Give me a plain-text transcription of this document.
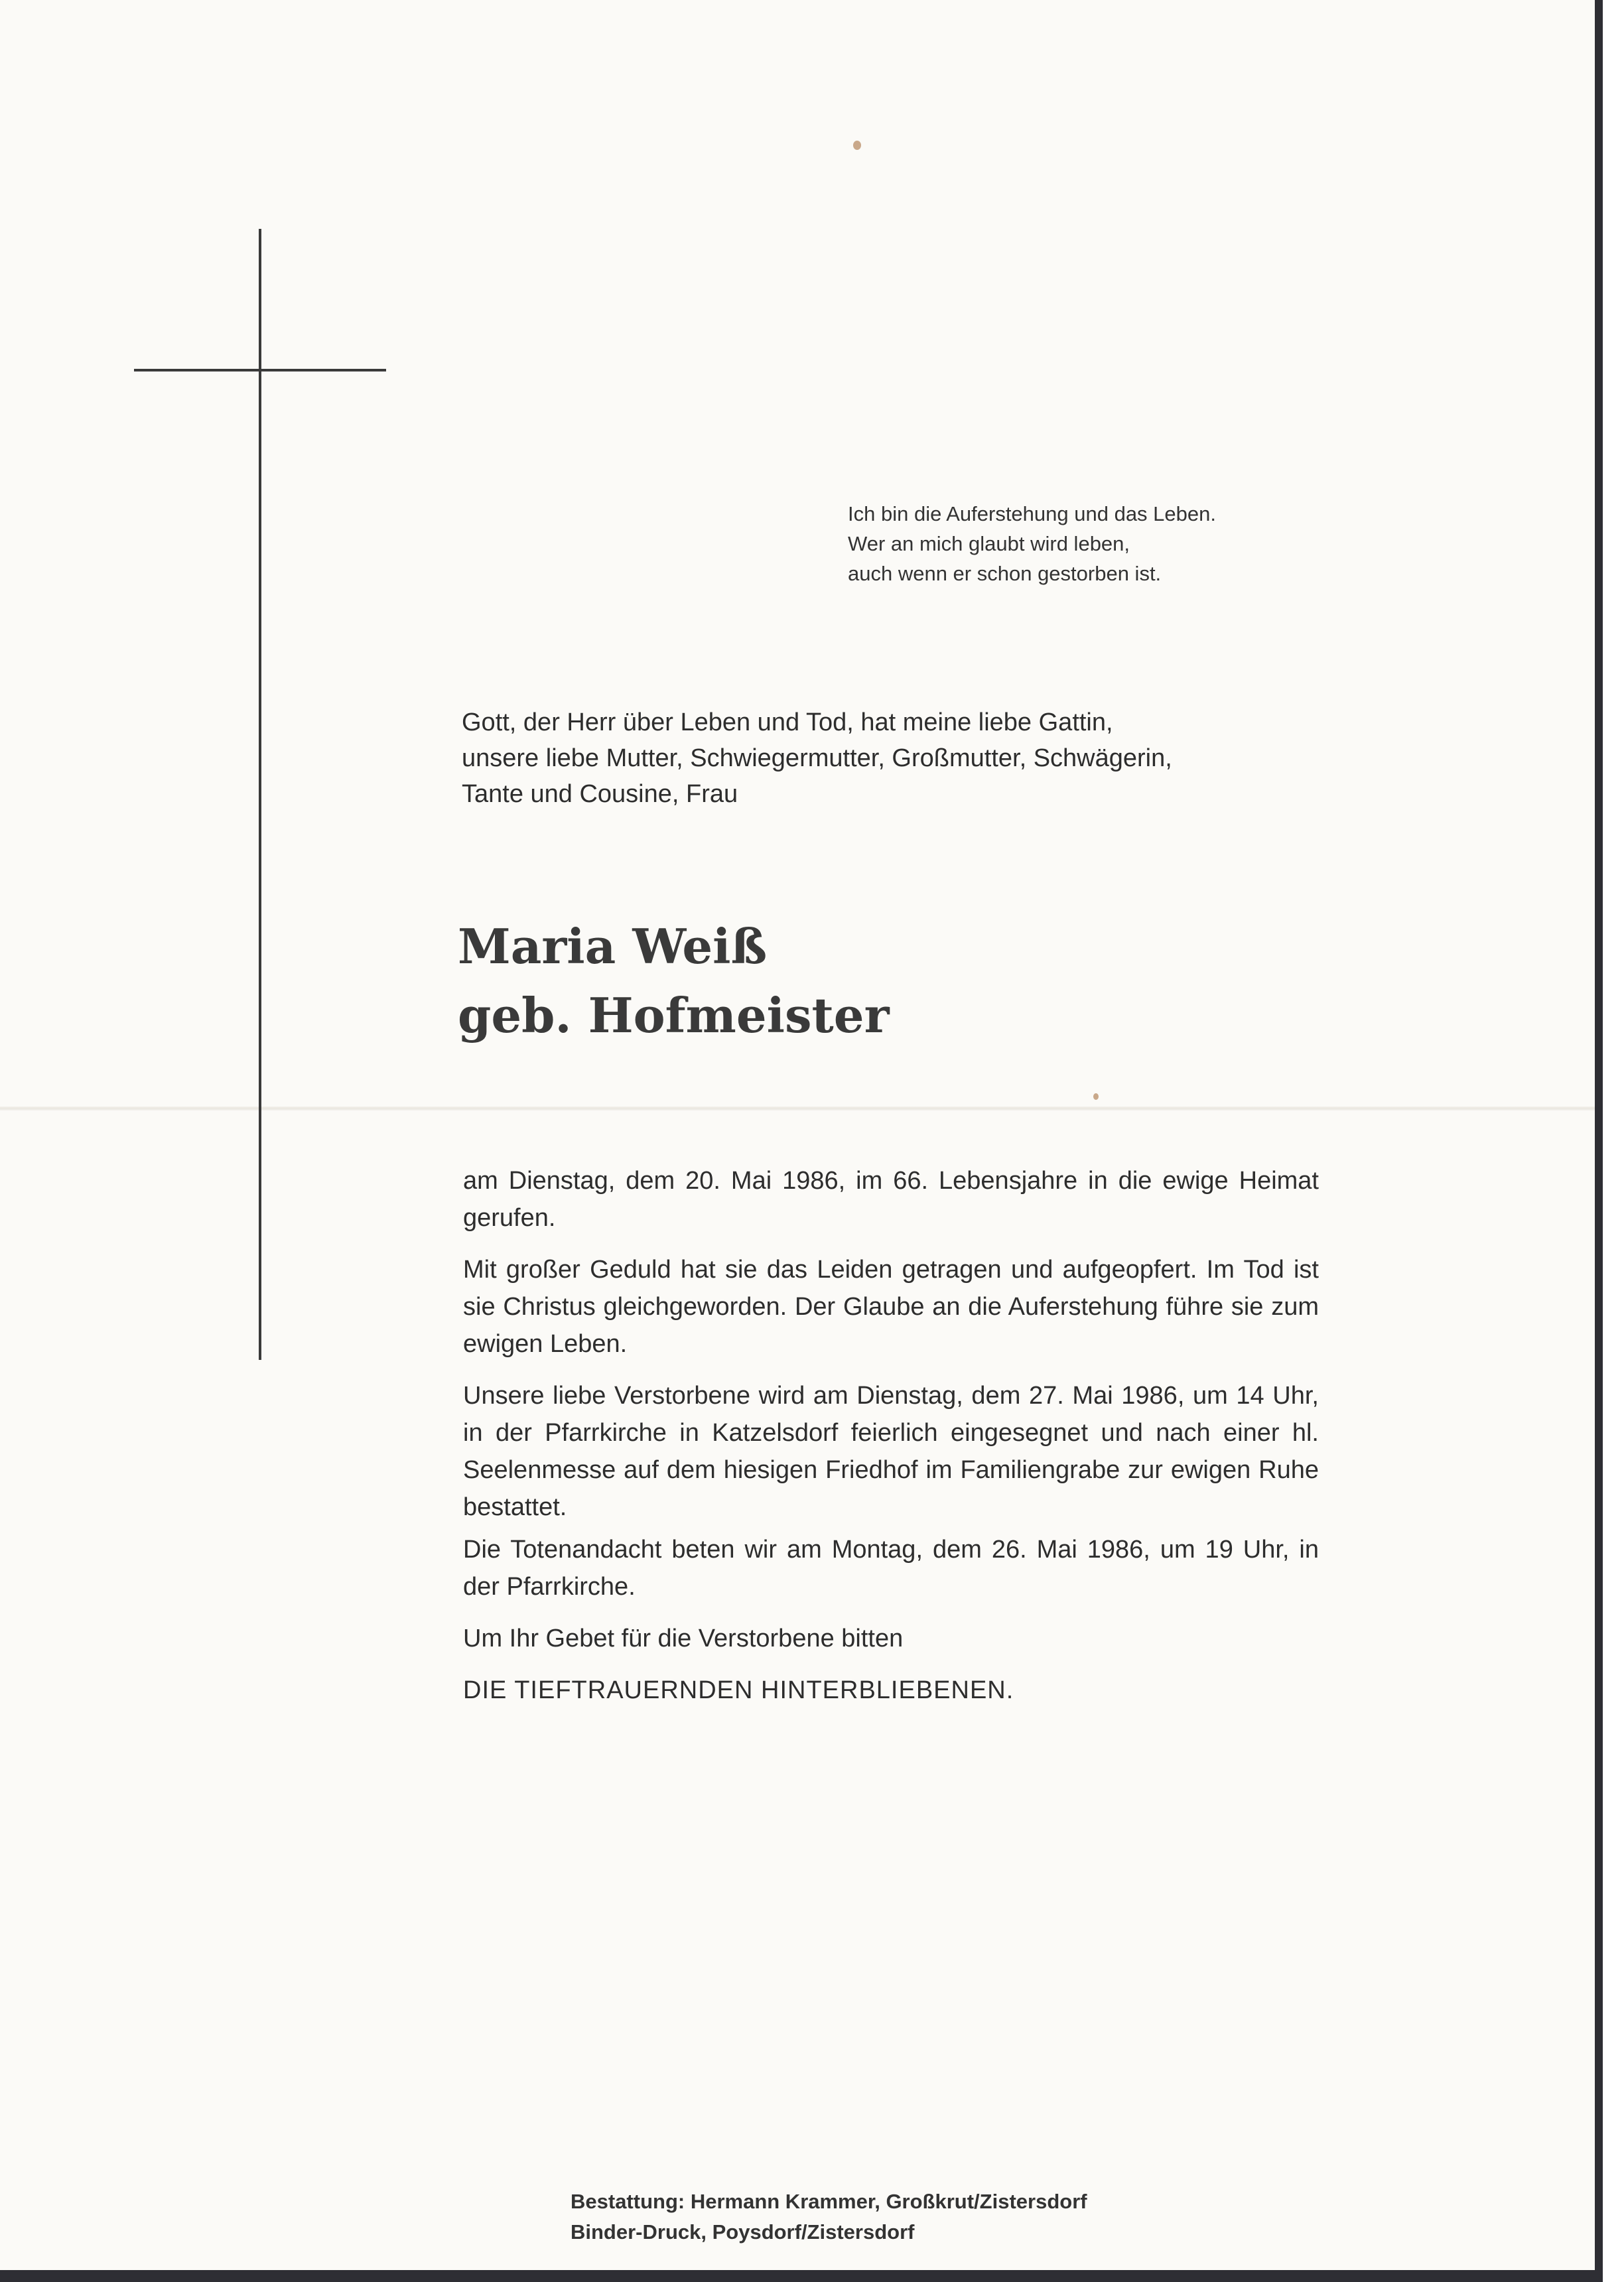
Ich bin die Auferstehung und das Leben.
Wer an mich glaubt wird leben,
auch wenn er schon gestorben ist.
Gott, der Herr über Leben und Tod, hat meine liebe Gattin,
unsere liebe Mutter, Schwiegermutter, Großmutter, Schwägerin,
Tante und Cousine, Frau
Maria Weiß
geb. Hofmeister
am Dienstag, dem 20. Mai 1986, im 66. Lebensjahre in die ewige Heimat gerufen.
Mit großer Geduld hat sie das Leiden getragen und aufgeopfert. Im Tod ist sie Christus gleichgeworden. Der Glaube an die Auferstehung führe sie zum ewigen Leben.
Unsere liebe Verstorbene wird am Dienstag, dem 27. Mai 1986, um 14 Uhr, in der Pfarrkirche in Katzelsdorf feierlich eingesegnet und nach einer hl. Seelenmesse auf dem hiesigen Friedhof im Familiengrabe zur ewigen Ruhe bestattet.
Die Totenandacht beten wir am Montag, dem 26. Mai 1986, um 19 Uhr, in der Pfarrkirche.
Um Ihr Gebet für die Verstorbene bitten
DIE TIEFTRAUERNDEN HINTERBLIEBENEN.
Bestattung: Hermann Krammer, Großkrut/Zistersdorf
Binder-Druck, Poysdorf/Zistersdorf
